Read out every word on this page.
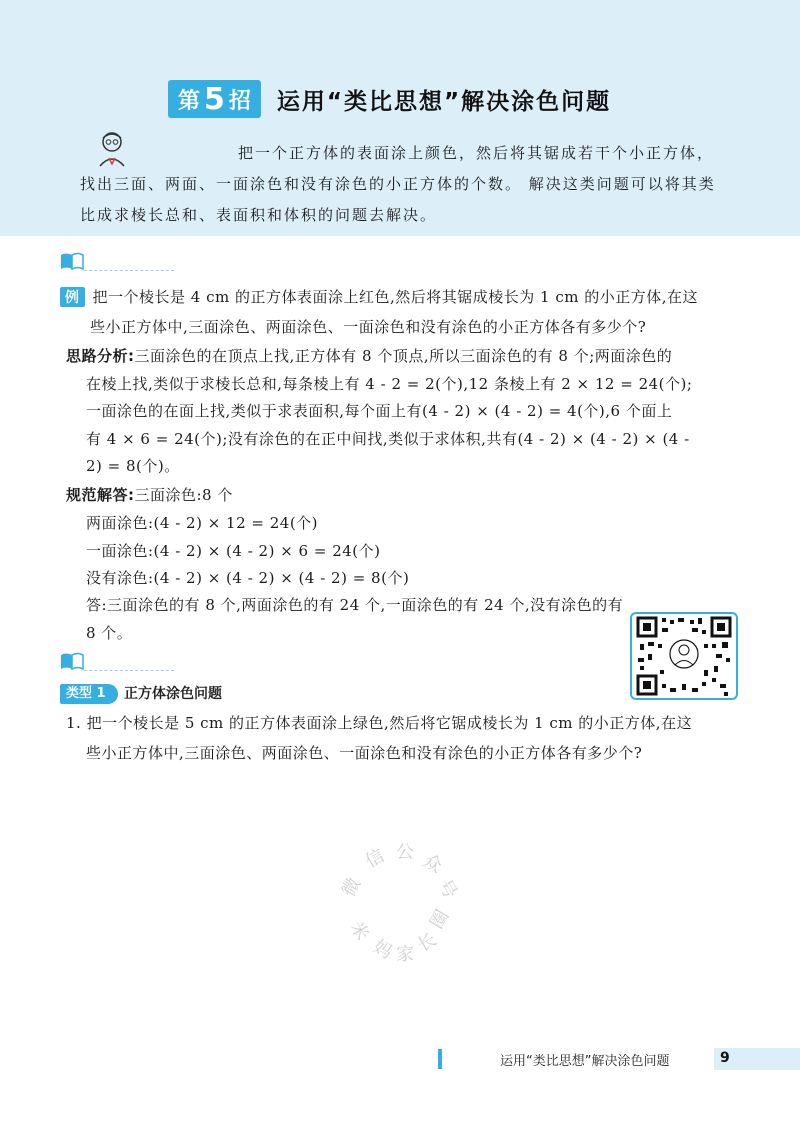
第 5 招 运用“类比思想”解决涂色问题
把一个正方体的表面涂上颜色，然后将其锯成若干个小正方体，找出三面、两面、一面涂色和没有涂色的小正方体的个数。 解决这类问题可以将其类比成求棱长总和、表面积和体积的问题去解决。
例 把一个棱长是 4 cm 的正方体表面涂上红色,然后将其锯成棱长为 1 cm 的小正方体,在这
些小正方体中,三面涂色、两面涂色、一面涂色和没有涂色的小正方体各有多少个?
思路分析:三面涂色的在顶点上找,正方体有 8 个顶点,所以三面涂色的有 8 个;两面涂色的
在棱上找,类似于求棱长总和,每条棱上有 4 - 2 = 2(个),12 条棱上有 2 × 12 = 24(个);
一面涂色的在面上找,类似于求表面积,每个面上有(4 - 2) × (4 - 2) = 4(个),6 个面上
有 4 × 6 = 24(个);没有涂色的在正中间找,类似于求体积,共有(4 - 2) × (4 - 2) × (4 -
2) = 8(个)。
规范解答:三面涂色:8 个
两面涂色:(4 - 2) × 12 = 24(个)
一面涂色:(4 - 2) × (4 - 2) × 6 = 24(个)
没有涂色:(4 - 2) × (4 - 2) × (4 - 2) = 8(个)
答:三面涂色的有 8 个,两面涂色的有 24 个,一面涂色的有 24 个,没有涂色的有
8 个。
类型 1	正方体涂色问题
1. 把一个棱长是 5 cm 的正方体表面涂上绿色,然后将它锯成棱长为 1 cm 的小正方体,在这
些小正方体中,三面涂色、两面涂色、一面涂色和没有涂色的小正方体各有多少个?
微
信 公 众
号
米
妈 家 长
圈
运用“类比思想”解决涂色问题	9
